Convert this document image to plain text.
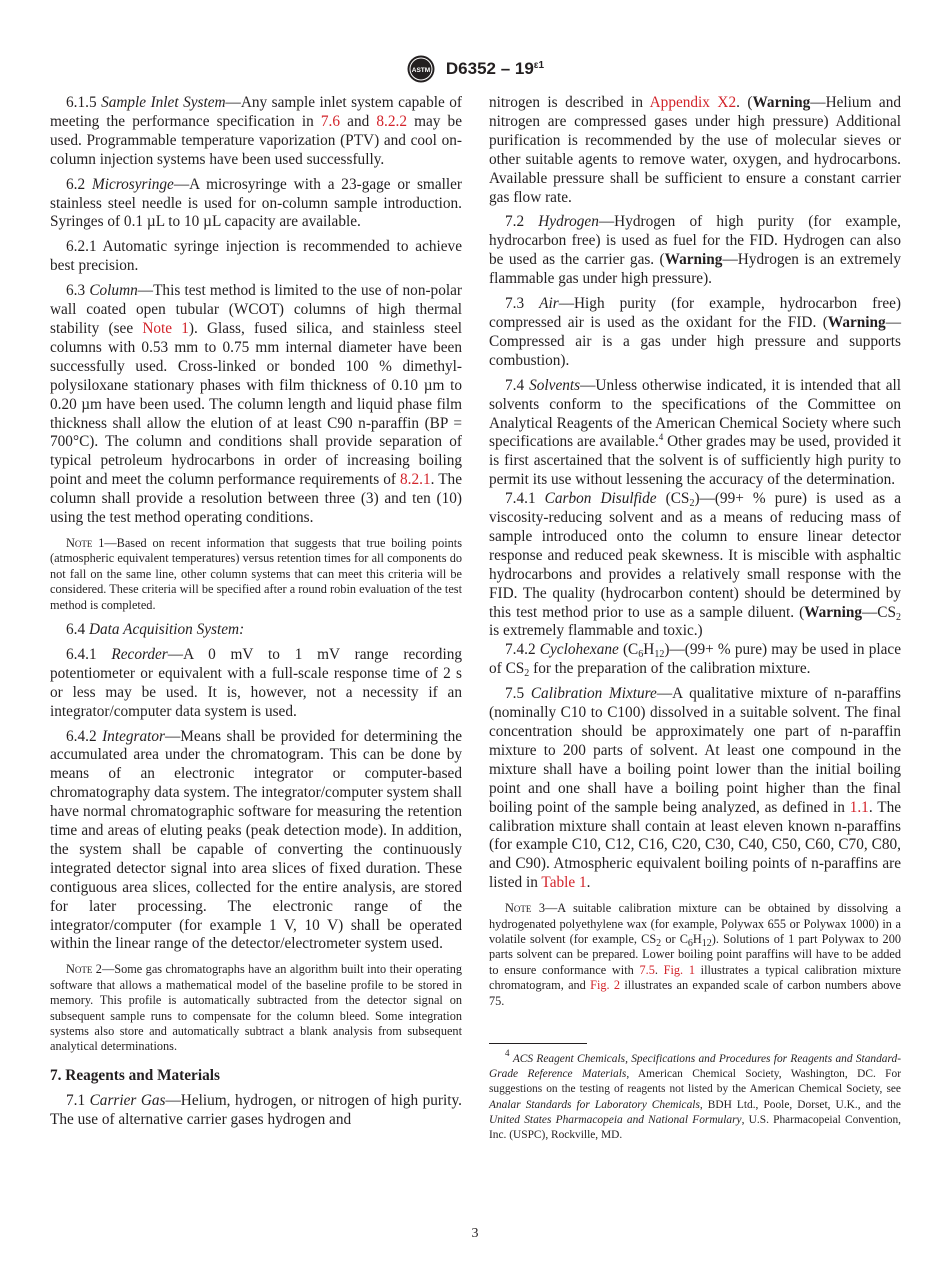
ASTM $D6352 - 19^{\varepsilon 1}$

6.1.5 Sample Inlet System—Any sample inlet system capable of meeting the performance specification in 7.6 and 8.2.2 may be used. Programmable temperature vaporization (PTV) and cool on-column injection systems have been used successfully.

6.2 Microsyringe—A microsyringe with a 23-gage or smaller stainless steel needle is used for on-column sample introduction. Syringes of 0.1 µL to 10 µL capacity are available.

6.2.1 Automatic syringe injection is recommended to achieve best precision.

6.3 Column—This test method is limited to the use of non-polar wall coated open tubular (WCOT) columns of high thermal stability (see Note 1). Glass, fused silica, and stainless steel columns with 0.53 mm to 0.75 mm internal diameter have been successfully used. Cross-linked or bonded 100 % dimethyl-polysiloxane stationary phases with film thickness of 0.10 µm to 0.20 µm have been used. The column length and liquid phase film thickness shall allow the elution of at least C90 n-paraffin (BP = 700°C). The column and conditions shall provide separation of typical petroleum hydrocarbons in order of increasing boiling point and meet the column performance requirements of 8.2.1. The column shall provide a resolution between three (3) and ten (10) using the test method operating conditions.

Note 1—Based on recent information that suggests that true boiling points (atmospheric equivalent temperatures) versus retention times for all components do not fall on the same line, other column systems that can meet this criteria will be considered. These criteria will be specified after a round robin evaluation of the test method is completed.

6.4 Data Acquisition System:

6.4.1 Recorder—A 0 mV to 1 mV range recording potentiometer or equivalent with a full-scale response time of 2 s or less may be used. It is, however, not a necessity if an integrator/computer data system is used.

6.4.2 Integrator—Means shall be provided for determining the accumulated area under the chromatogram. This can be done by means of an electronic integrator or computer-based chromatography data system. The integrator/computer system shall have normal chromatographic software for measuring the retention time and areas of eluting peaks (peak detection mode). In addition, the system shall be capable of converting the continuously integrated detector signal into area slices of fixed duration. These contiguous area slices, collected for the entire analysis, are stored for later processing. The electronic range of the integrator/computer (for example 1 V, 10 V) shall be operated within the linear range of the detector/electrometer system used.

Note 2—Some gas chromatographs have an algorithm built into their operating software that allows a mathematical model of the baseline profile to be stored in memory. This profile is automatically subtracted from the detector signal on subsequent sample runs to compensate for the column bleed. Some integration systems also store and automatically subtract a blank analysis from subsequent analytical determinations.

7. Reagents and Materials

7.1 Carrier Gas—Helium, hydrogen, or nitrogen of high purity. The use of alternative carrier gases hydrogen and

nitrogen is described in Appendix X2. (Warning—Helium and nitrogen are compressed gases under high pressure) Additional purification is recommended by the use of molecular sieves or other suitable agents to remove water, oxygen, and hydrocarbons. Available pressure shall be sufficient to ensure a constant carrier gas flow rate.

7.2 Hydrogen—Hydrogen of high purity (for example, hydrocarbon free) is used as fuel for the FID. Hydrogen can also be used as the carrier gas. (Warning—Hydrogen is an extremely flammable gas under high pressure).

7.3 Air—High purity (for example, hydrocarbon free) compressed air is used as the oxidant for the FID. (Warning—Compressed air is a gas under high pressure and supports combustion).

7.4 Solvents—Unless otherwise indicated, it is intended that all solvents conform to the specifications of the Committee on Analytical Reagents of the American Chemical Society where such specifications are available.$^4$ Other grades may be used, provided it is first ascertained that the solvent is of sufficiently high purity to permit its use without lessening the accuracy of the determination.

7.4.1 Carbon Disulfide $(CS_2)—(99+$ % pure) is used as a viscosity-reducing solvent and as a means of reducing mass of sample introduced onto the column to ensure linear detector response and reduced peak skewness. It is miscible with asphaltic hydrocarbons and provides a relatively small response with the FID. The quality (hydrocarbon content) should be determined by this test method prior to use as a sample diluent. ($Warning—CS_2$ is extremely flammable and toxic.)

7.4.2 Cyclohexane $(C_6H_{12})—(99+$ % pure) may be used in place of $CS_2$ for the preparation of the calibration mixture.

7.5 Calibration Mixture—A qualitative mixture of n-paraffins (nominally C10 to C100) dissolved in a suitable solvent. The final concentration should be approximately one part of n-paraffin mixture to 200 parts of solvent. At least one compound in the mixture shall have a boiling point lower than the initial boiling point and one shall have a boiling point higher than the final boiling point of the sample being analyzed, as defined in 1.1. The calibration mixture shall contain at least eleven known n-paraffins (for example C10, C12, C16, C20, C30, C40, C50, C60, C70, C80, and C90). Atmospheric equivalent boiling points of n-paraffins are listed in Table 1.

Note 3—A suitable calibration mixture can be obtained by dissolving a hydrogenated polyethylene wax (for example, Polywax 655 or Polywax 1000) in a volatile solvent (for example, $CS_2$ or $C_6H_{12}$). Solutions of 1 part Polywax to 200 parts solvent can be prepared. Lower boiling point paraffins will have to be added to ensure conformance with 7.5. Fig. 1 illustrates a typical calibration mixture chromatogram, and Fig. 2 illustrates an expanded scale of carbon numbers above 75.

$^4$ ACS Reagent Chemicals, Specifications and Procedures for Reagents and Standard-Grade Reference Materials, American Chemical Society, Washington, DC. For suggestions on the testing of reagents not listed by the American Chemical Society, see Analar Standards for Laboratory Chemicals, BDH Ltd., Poole, Dorset, U.K., and the United States Pharmacopeia and National Formulary, U.S. Pharmacopeial Convention, Inc. (USPC), Rockville, MD.

3
